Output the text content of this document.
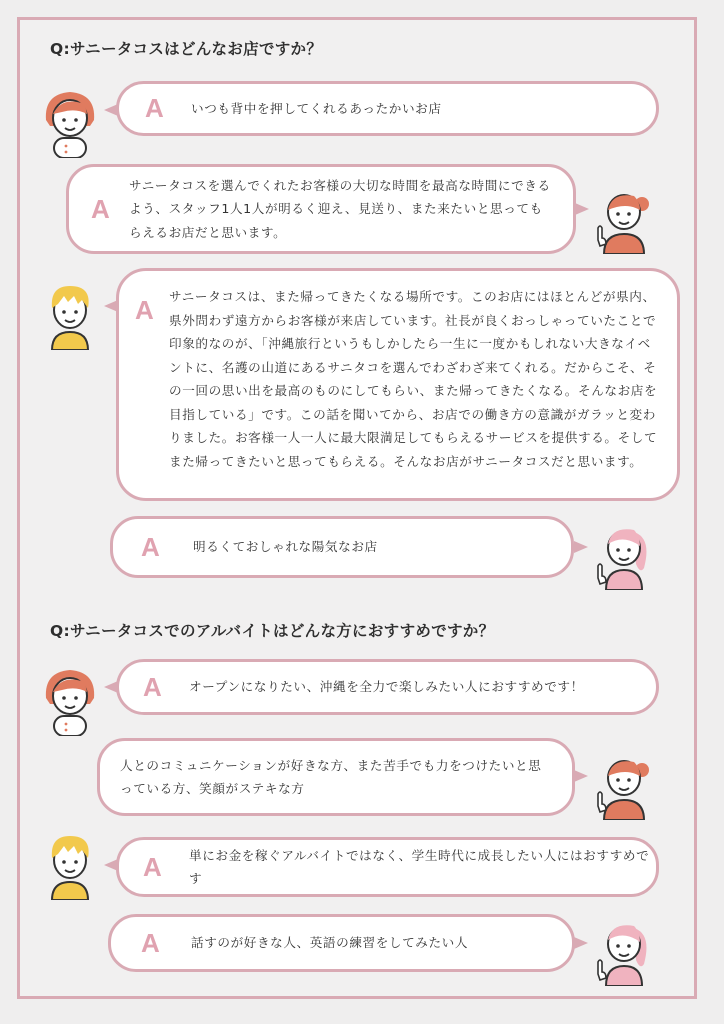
Q:サニータコスはどんなお店ですか？
A	いつも背中を押してくれるあったかいお店
A
サニータコスを選んでくれたお客様の大切な時間を最高な時間にできるよう、スタッフ1人1人が明るく迎え、見送り、また来たいと思ってもらえるお店だと思います。
A	サニータコスは、また帰ってきたくなる場所です。このお店にはほとんどが県内、県外問わず遠方からお客様が来店しています。社長が良くおっしゃっていたことで印象的なのが、「沖縄旅行というもしかしたら一生に一度かもしれない大きなイベントに、名護の山道にあるサニタコを選んでわざわざ来てくれる。だからこそ、その一回の思い出を最高のものにしてもらい、また帰ってきたくなる。そんなお店を目指している」です。この話を聞いてから、お店での働き方の意識がガラッと変わりました。お客様一人一人に最大限満足してもらえるサービスを提供する。そしてまた帰ってきたいと思ってもらえる。そんなお店がサニータコスだと思います。
A	明るくておしゃれな陽気なお店
Q:サニータコスでのアルバイトはどんな方におすすめですか？
A	オープンになりたい、沖縄を全力で楽しみたい人におすすめです！
人とのコミュニケーションが好きな方、また苦手でも力をつけたいと思っている方、笑顔がステキな方
A	単にお金を稼ぐアルバイトではなく、学生時代に成長したい人にはおすすめです
A	話すのが好きな人、英語の練習をしてみたい人
